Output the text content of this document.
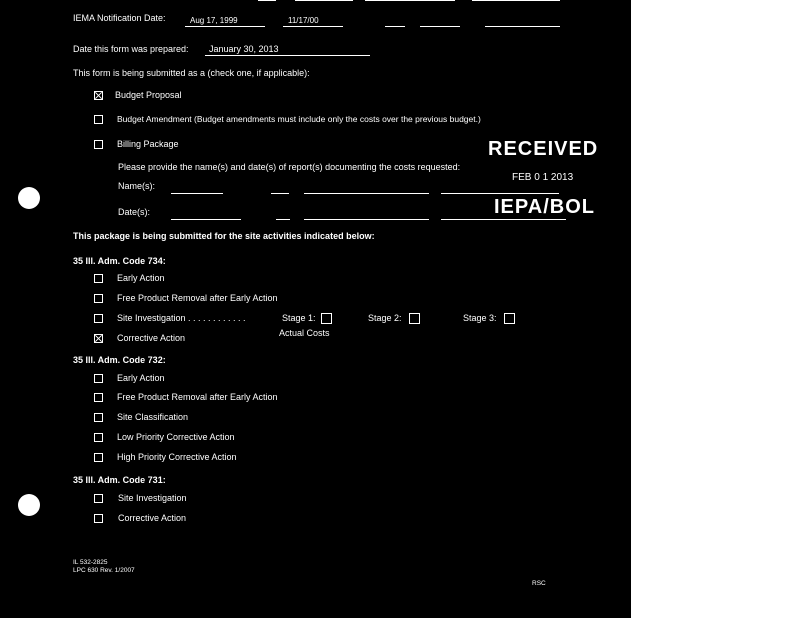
IEMA Notification Date:	Aug 17, 1999	11/17/00
Date this form was prepared: January 30, 2013
This form is being submitted as a (check one, if applicable):
Budget Proposal
Budget Amendment (Budget amendments must include only the costs over the previous budget.)
Billing Package
Please provide the name(s) and date(s) of report(s) documenting the costs requested:
Name(s):
Date(s):
RECEIVED
FEB 0 1 2013
IEPA/BOL
This package is being submitted for the site activities indicated below:
35 Ill. Adm. Code 734:
Early Action
Free Product Removal after Early Action
Site Investigation . . . . . . . . . . . .	Stage 1:	Stage 2:	Stage 3:
Actual Costs
Corrective Action
35 Ill. Adm. Code 732:
Early Action
Free Product Removal after Early Action
Site Classification
Low Priority Corrective Action
High Priority Corrective Action
35 Ill. Adm. Code 731:
Site Investigation
Corrective Action
IL 532-2825
LPC 630 Rev. 1/2007
RSC
